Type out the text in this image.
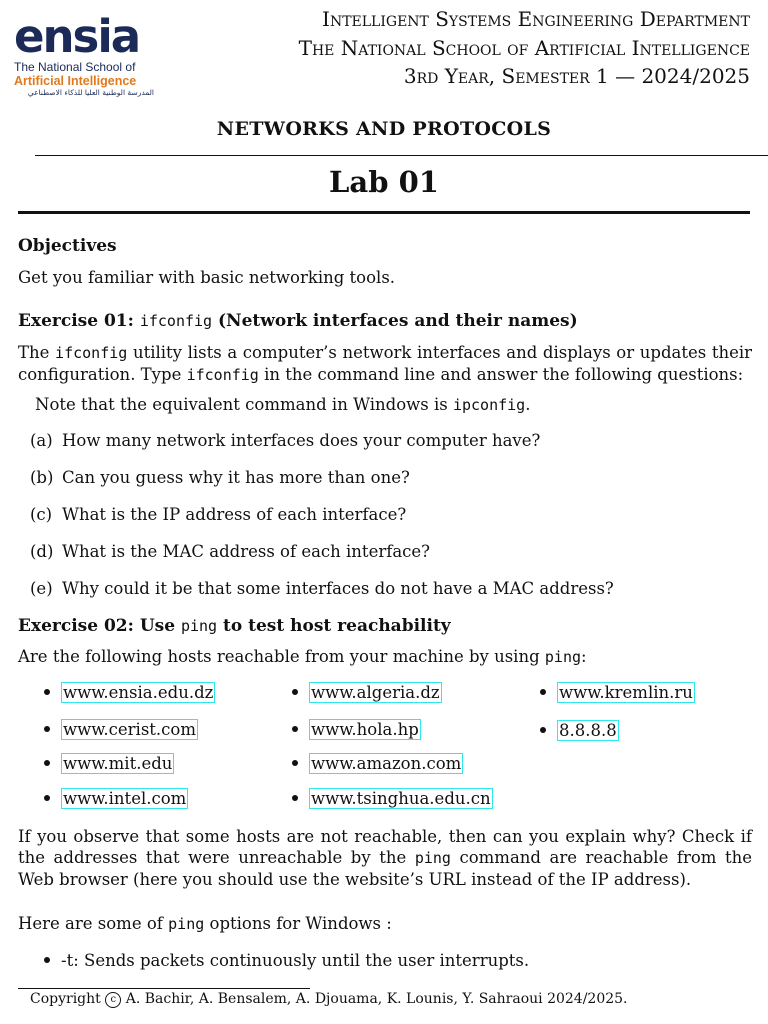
ensia
The National School of
Artificial Intelligence
المدرسة الوطنية العليا للذكاء الاصطناعي
Intelligent Systems Engineering Department
The National School of Artificial Intelligence
3rd Year, Semester 1 — 2024/2025
NETWORKS AND PROTOCOLS
Lab 01
Objectives

Get you familiar with basic networking tools.

Exercise 01: ifconfig (Network interfaces and their names)

The ifconfig utility lists a computer’s network interfaces and displays or updates their configuration. Type ifconfig in the command line and answer the following questions:

Note that the equivalent command in Windows is ipconfig.

(a) How many network interfaces does your computer have?
(b) Can you guess why it has more than one?
(c) What is the IP address of each interface?
(d) What is the MAC address of each interface?
(e) Why could it be that some interfaces do not have a MAC address?
Exercise 02: Use ping to test host reachability

Are the following hosts reachable from your machine by using ping:

www.ensia.edu.dz
www.cerist.com
www.mit.edu
www.intel.com
www.algeria.dz
www.hola.hp
www.amazon.com
www.tsinghua.edu.cn
www.kremlin.ru
8.8.8.8

If you observe that some hosts are not reachable, then can you explain why? Check if the addresses that were unreachable by the ping command are reachable from the Web browser (here you should use the website’s URL instead of the IP address).

Here are some of ping options for Windows :

-t: Sends packets continuously until the user interrupts.
Copyright c A. Bachir, A. Bensalem, A. Djouama, K. Lounis, Y. Sahraoui 2024/2025.
